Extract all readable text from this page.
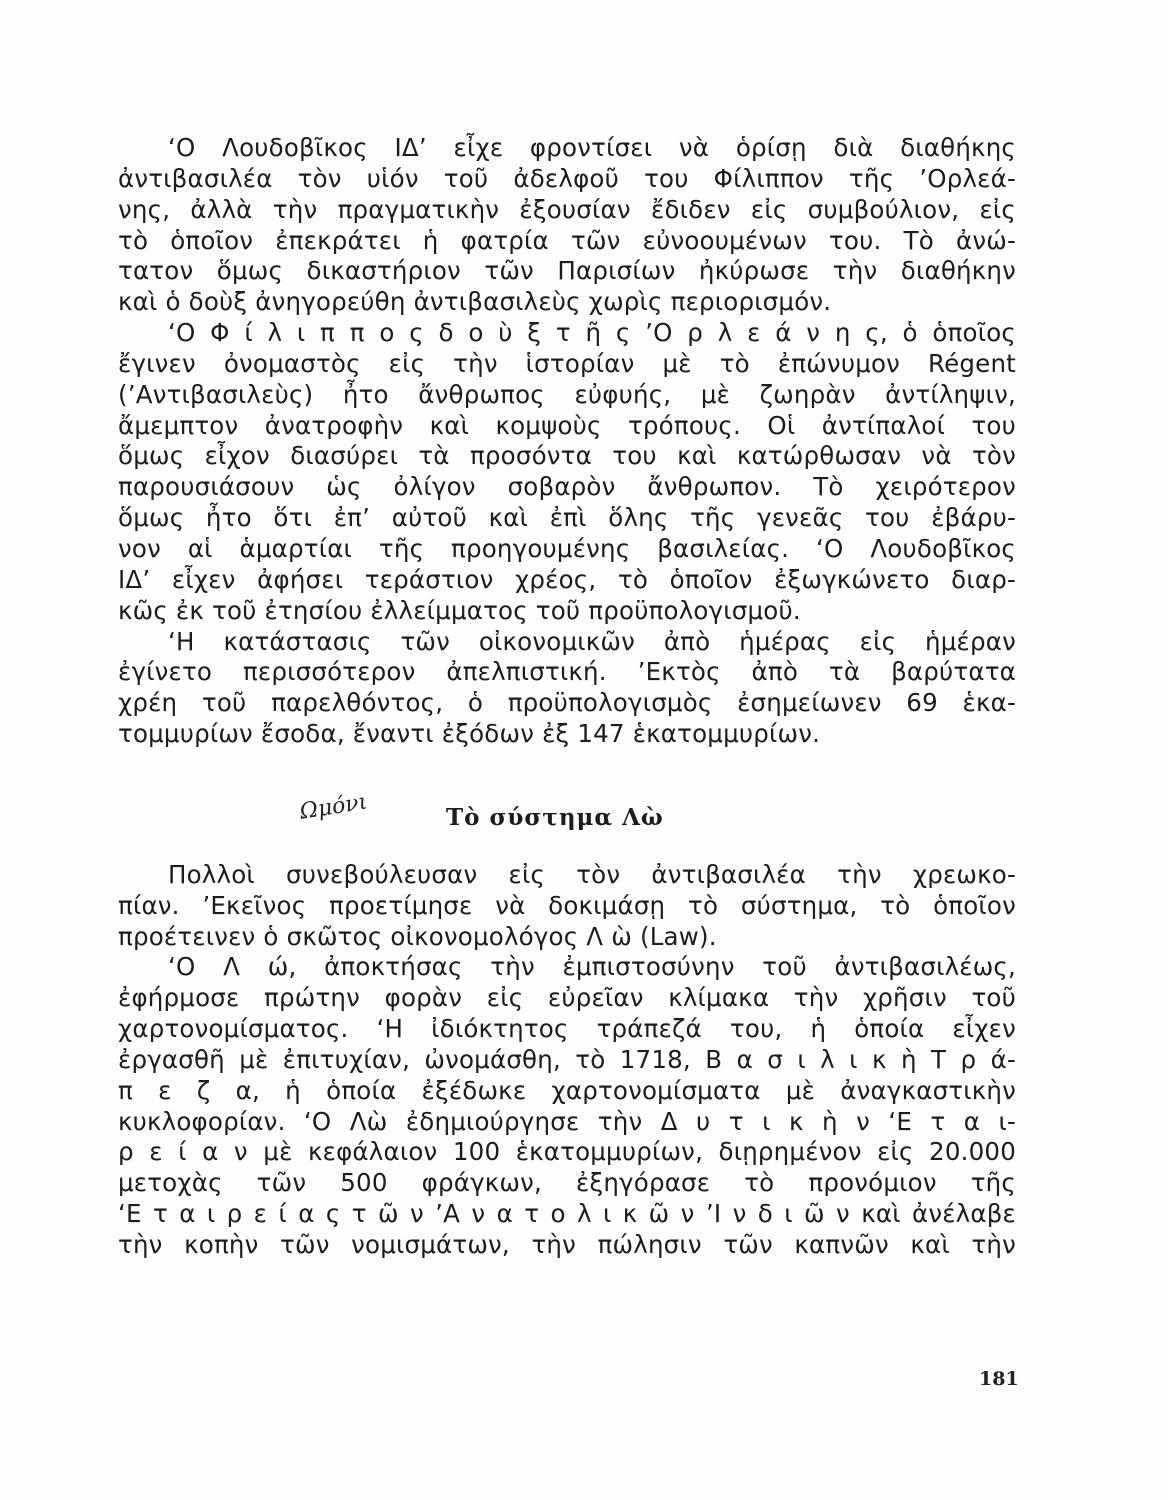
‘Ο Λουδοβῖκος ΙΔ’ εἶχε φροντίσει νὰ ὁρίσῃ διὰ διαθήκης
ἀντιβασιλέα τὸν υἱόν τοῦ ἀδελφοῦ του Φίλιππον τῆς ’Ορλεά-
νης, ἀλλὰ τὴν πραγματικὴν ἐξουσίαν ἔδιδεν εἰς συμβούλιον, εἰς
τὸ ὁποῖον ἐπεκράτει ἡ φατρία τῶν εὐνοουμένων του. Τὸ ἀνώ-
τατον ὅμως δικαστήριον τῶν Παρισίων ἠκύρωσε τὴν διαθήκην
καὶ ὁ δοὺξ ἀνηγορεύθη ἀντιβασιλεὺς χωρὶς περιορισμόν.
‘Ο Φ ί λ ι π π ο ς δ ο ὺ ξ τ ῆ ς ’Ο ρ λ ε ά ν η ς, ὁ ὁποῖος
ἔγινεν ὀνομαστὸς εἰς τὴν ἱστορίαν μὲ τὸ ἐπώνυμον Régent
(’Αντιβασιλεὺς) ἦτο ἄνθρωπος εὐφυής, μὲ ζωηρὰν ἀντίληψιν,
ἄμεμπτον ἀνατροφὴν καὶ κομψοὺς τρόπους. Οἱ ἀντίπαλοί του
ὅμως εἶχον διασύρει τὰ προσόντα του καὶ κατώρθωσαν νὰ τὸν
παρουσιάσουν ὡς ὀλίγον σοβαρὸν ἄνθρωπον. Τὸ χειρότερον
ὅμως ἦτο ὅτι ἐπ’ αὐτοῦ καὶ ἐπὶ ὅλης τῆς γενεᾶς του ἐβάρυ-
νον αἱ ἁμαρτίαι τῆς προηγουμένης βασιλείας. ‘Ο Λουδοβῖκος
ΙΔ’ εἶχεν ἀφήσει τεράστιον χρέος, τὸ ὁποῖον ἐξωγκώνετο διαρ-
κῶς ἐκ τοῦ ἐτησίου ἐλλείμματος τοῦ προϋπολογισμοῦ.
‘Η κατάστασις τῶν οἰκονομικῶν ἀπὸ ἡμέρας εἰς ἡμέραν
ἐγίνετο περισσότερον ἀπελπιστική. ’Εκτὸς ἀπὸ τὰ βαρύτατα
χρέη τοῦ παρελθόντος, ὁ προϋπολογισμὸς ἐσημείωνεν 69 ἑκα-
τομμυρίων ἔσοδα, ἔναντι ἐξόδων ἐξ 147 ἑκατομμυρίων.
Ωμόνι	Τὸ σύστημα Λὼ
Πολλοὶ συνεβούλευσαν εἰς τὸν ἀντιβασιλέα τὴν χρεωκο-
πίαν. ’Εκεῖνος προετίμησε νὰ δοκιμάσῃ τὸ σύστημα, τὸ ὁποῖον
προέτεινεν ὁ σκῶτος οἰκονομολόγος Λ ὼ (Law).
‘Ο Λ ώ, ἀποκτήσας τὴν ἐμπιστοσύνην τοῦ ἀντιβασιλέως,
ἐφήρμοσε πρώτην φορὰν εἰς εὐρεῖαν κλίμακα τὴν χρῆσιν τοῦ
χαρτονομίσματος. ‘Η ἰδιόκτητος τράπεζά του, ἡ ὁποία εἶχεν
ἐργασθῆ μὲ ἐπιτυχίαν, ὠνομάσθη, τὸ 1718, Β α σ ι λ ι κ ὴ Τ ρ ά-
π ε ζ α, ἡ ὁποία ἐξέδωκε χαρτονομίσματα μὲ ἀναγκαστικὴν
κυκλοφορίαν. ‘Ο Λὼ ἐδημιούργησε τὴν Δ υ τ ι κ ὴ ν ‘Ε τ α ι-
ρ ε ί α ν μὲ κεφάλαιον 100 ἑκατομμυρίων, διῃρημένον εἰς 20.000
μετοχὰς τῶν 500 φράγκων, ἐξηγόρασε τὸ προνόμιον τῆς
‘Ε τ α ι ρ ε ί α ς τ ῶ ν ’Α ν α τ ο λ ι κ ῶ ν ’Ι ν δ ι ῶ ν καὶ ἀνέλαβε
τὴν κοπὴν τῶν νομισμάτων, τὴν πώλησιν τῶν καπνῶν καὶ τὴν
181
